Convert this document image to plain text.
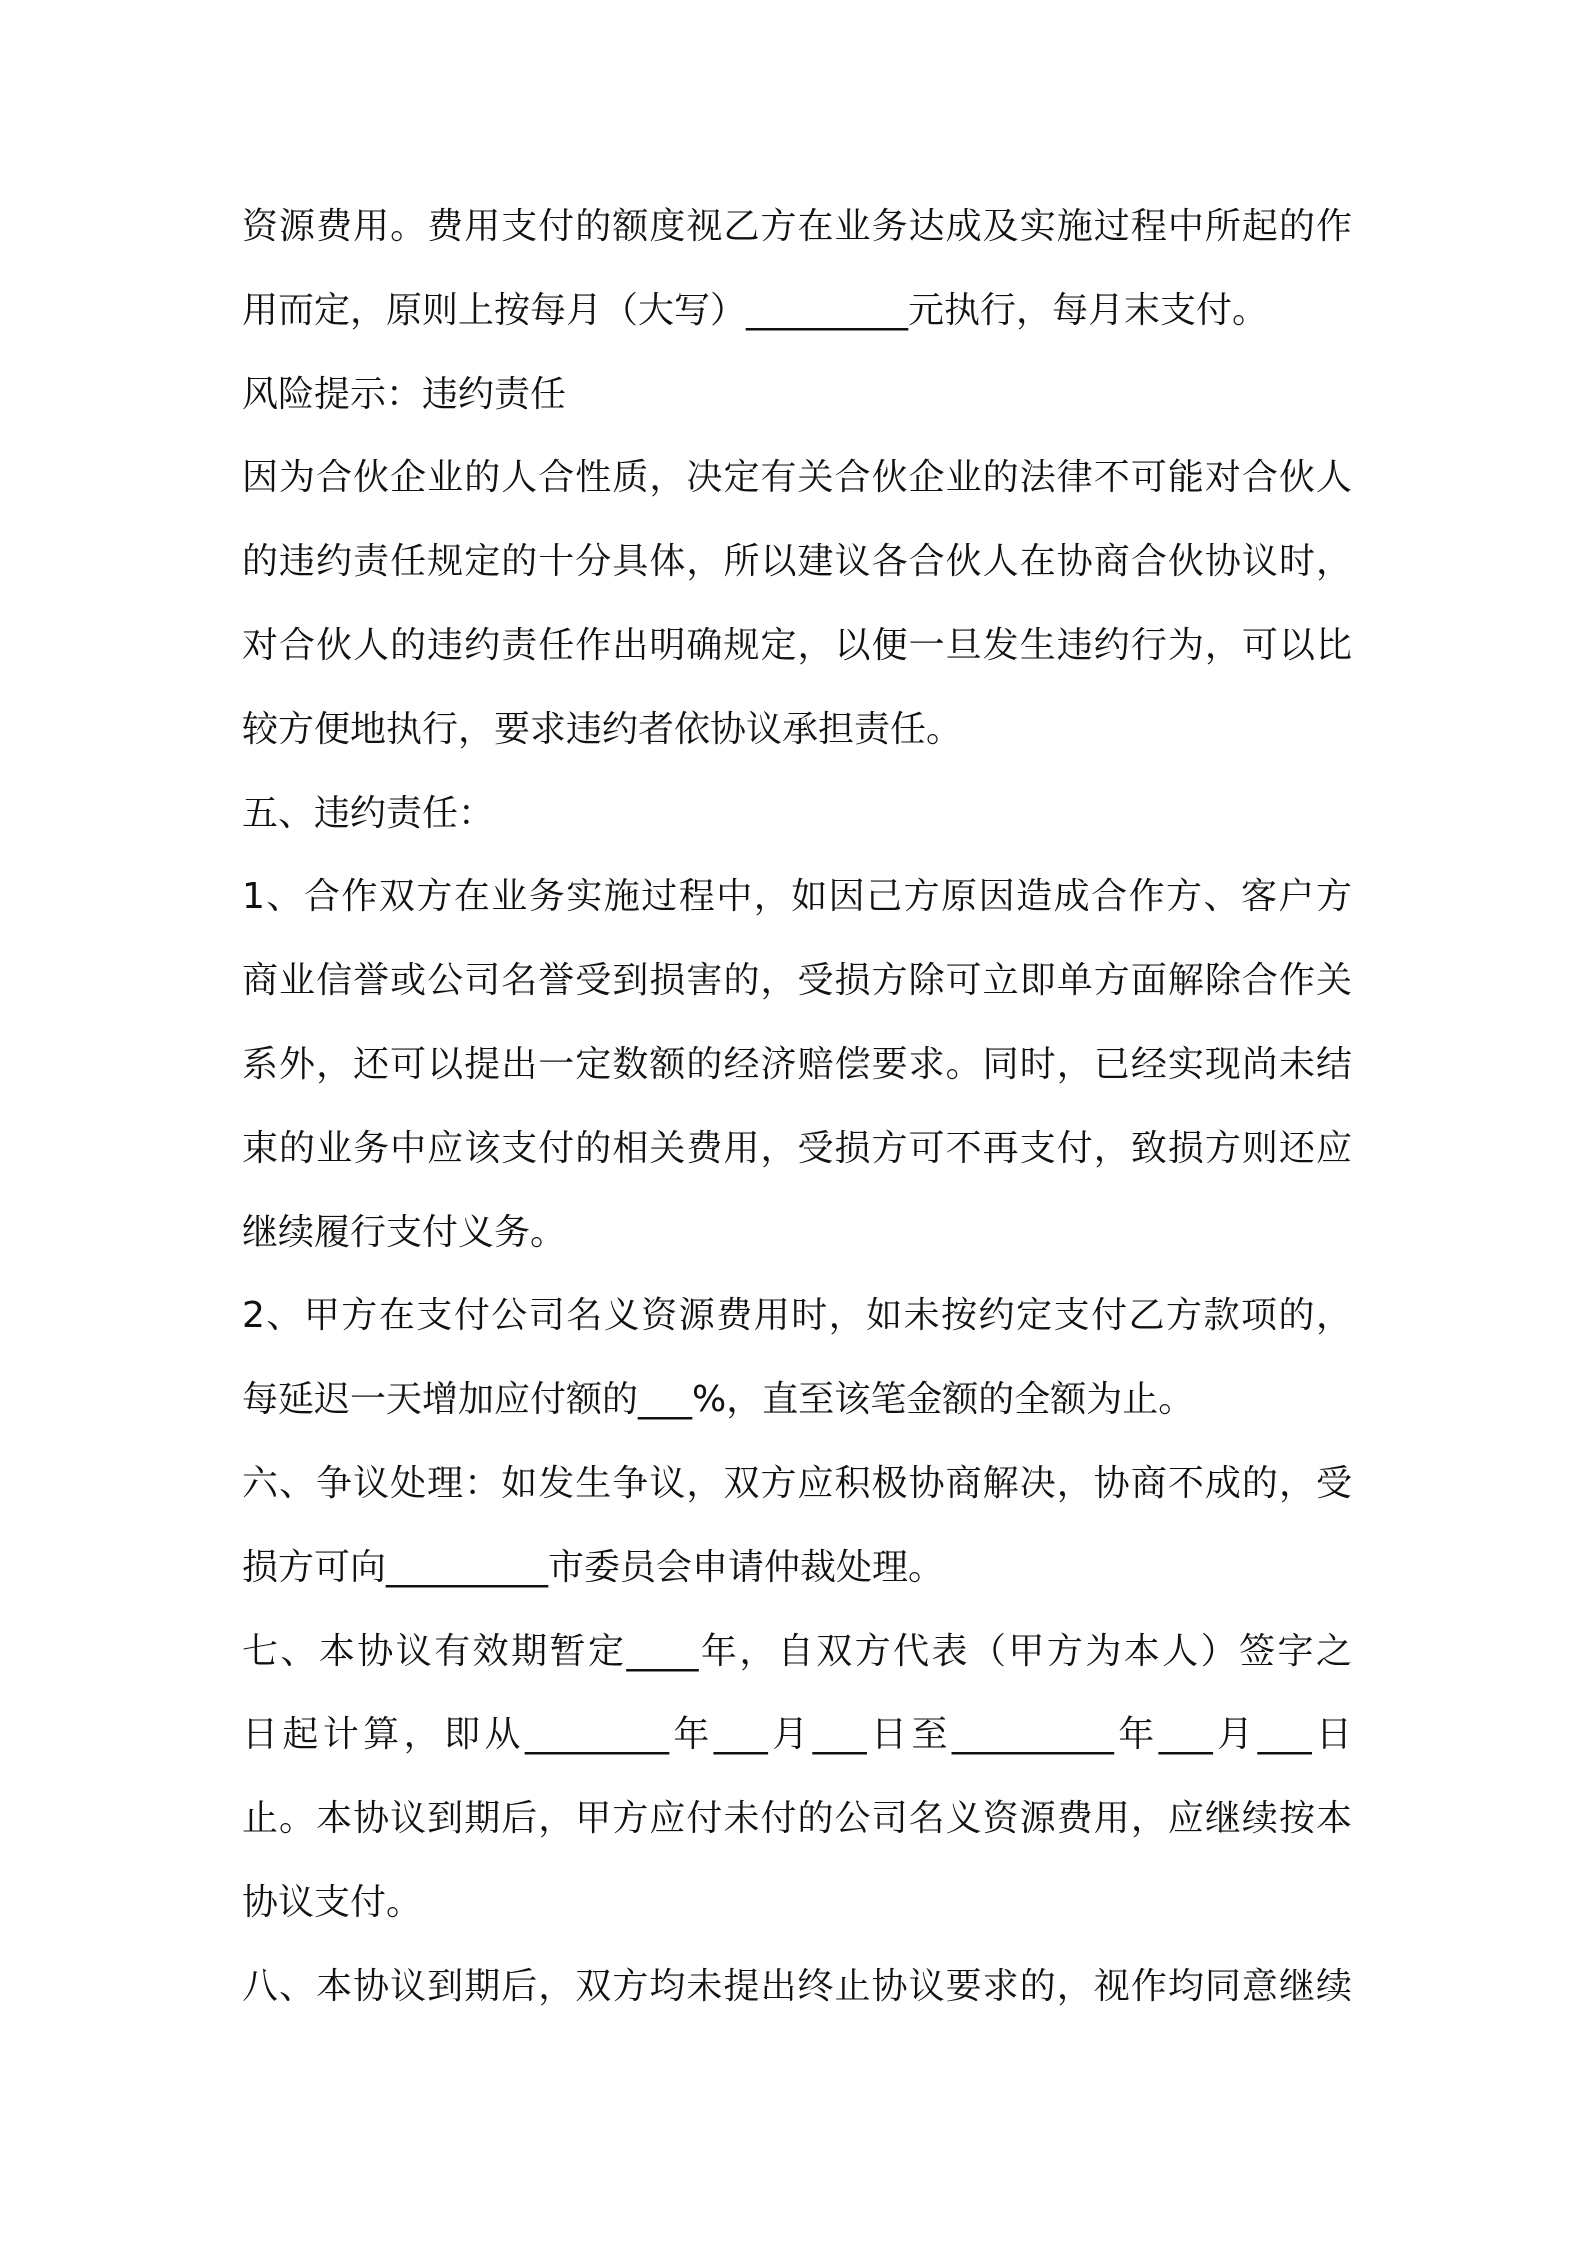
资源费用。费用支付的额度视乙方在业务达成及实施过程中所起的作
用而定，原则上按每月（大写）_________元执行，每月末支付。
风险提示：违约责任
因为合伙企业的人合性质，决定有关合伙企业的法律不可能对合伙人
的违约责任规定的十分具体，所以建议各合伙人在协商合伙协议时，
对合伙人的违约责任作出明确规定，以便一旦发生违约行为，可以比
较方便地执行，要求违约者依协议承担责任。
五、违约责任：
1、合作双方在业务实施过程中，如因己方原因造成合作方、客户方
商业信誉或公司名誉受到损害的，受损方除可立即单方面解除合作关
系外，还可以提出一定数额的经济赔偿要求。同时，已经实现尚未结
束的业务中应该支付的相关费用，受损方可不再支付，致损方则还应
继续履行支付义务。
2、甲方在支付公司名义资源费用时，如未按约定支付乙方款项的，
每延迟一天增加应付额的___%，直至该笔金额的全额为止。
六、争议处理：如发生争议，双方应积极协商解决，协商不成的，受
损方可向_________市委员会申请仲裁处理。
七、本协议有效期暂定____年，自双方代表（甲方为本人）签字之
日起计算，即从________年___月___日至_________年___月___日
止。本协议到期后，甲方应付未付的公司名义资源费用，应继续按本
协议支付。
八、本协议到期后，双方均未提出终止协议要求的，视作均同意继续
